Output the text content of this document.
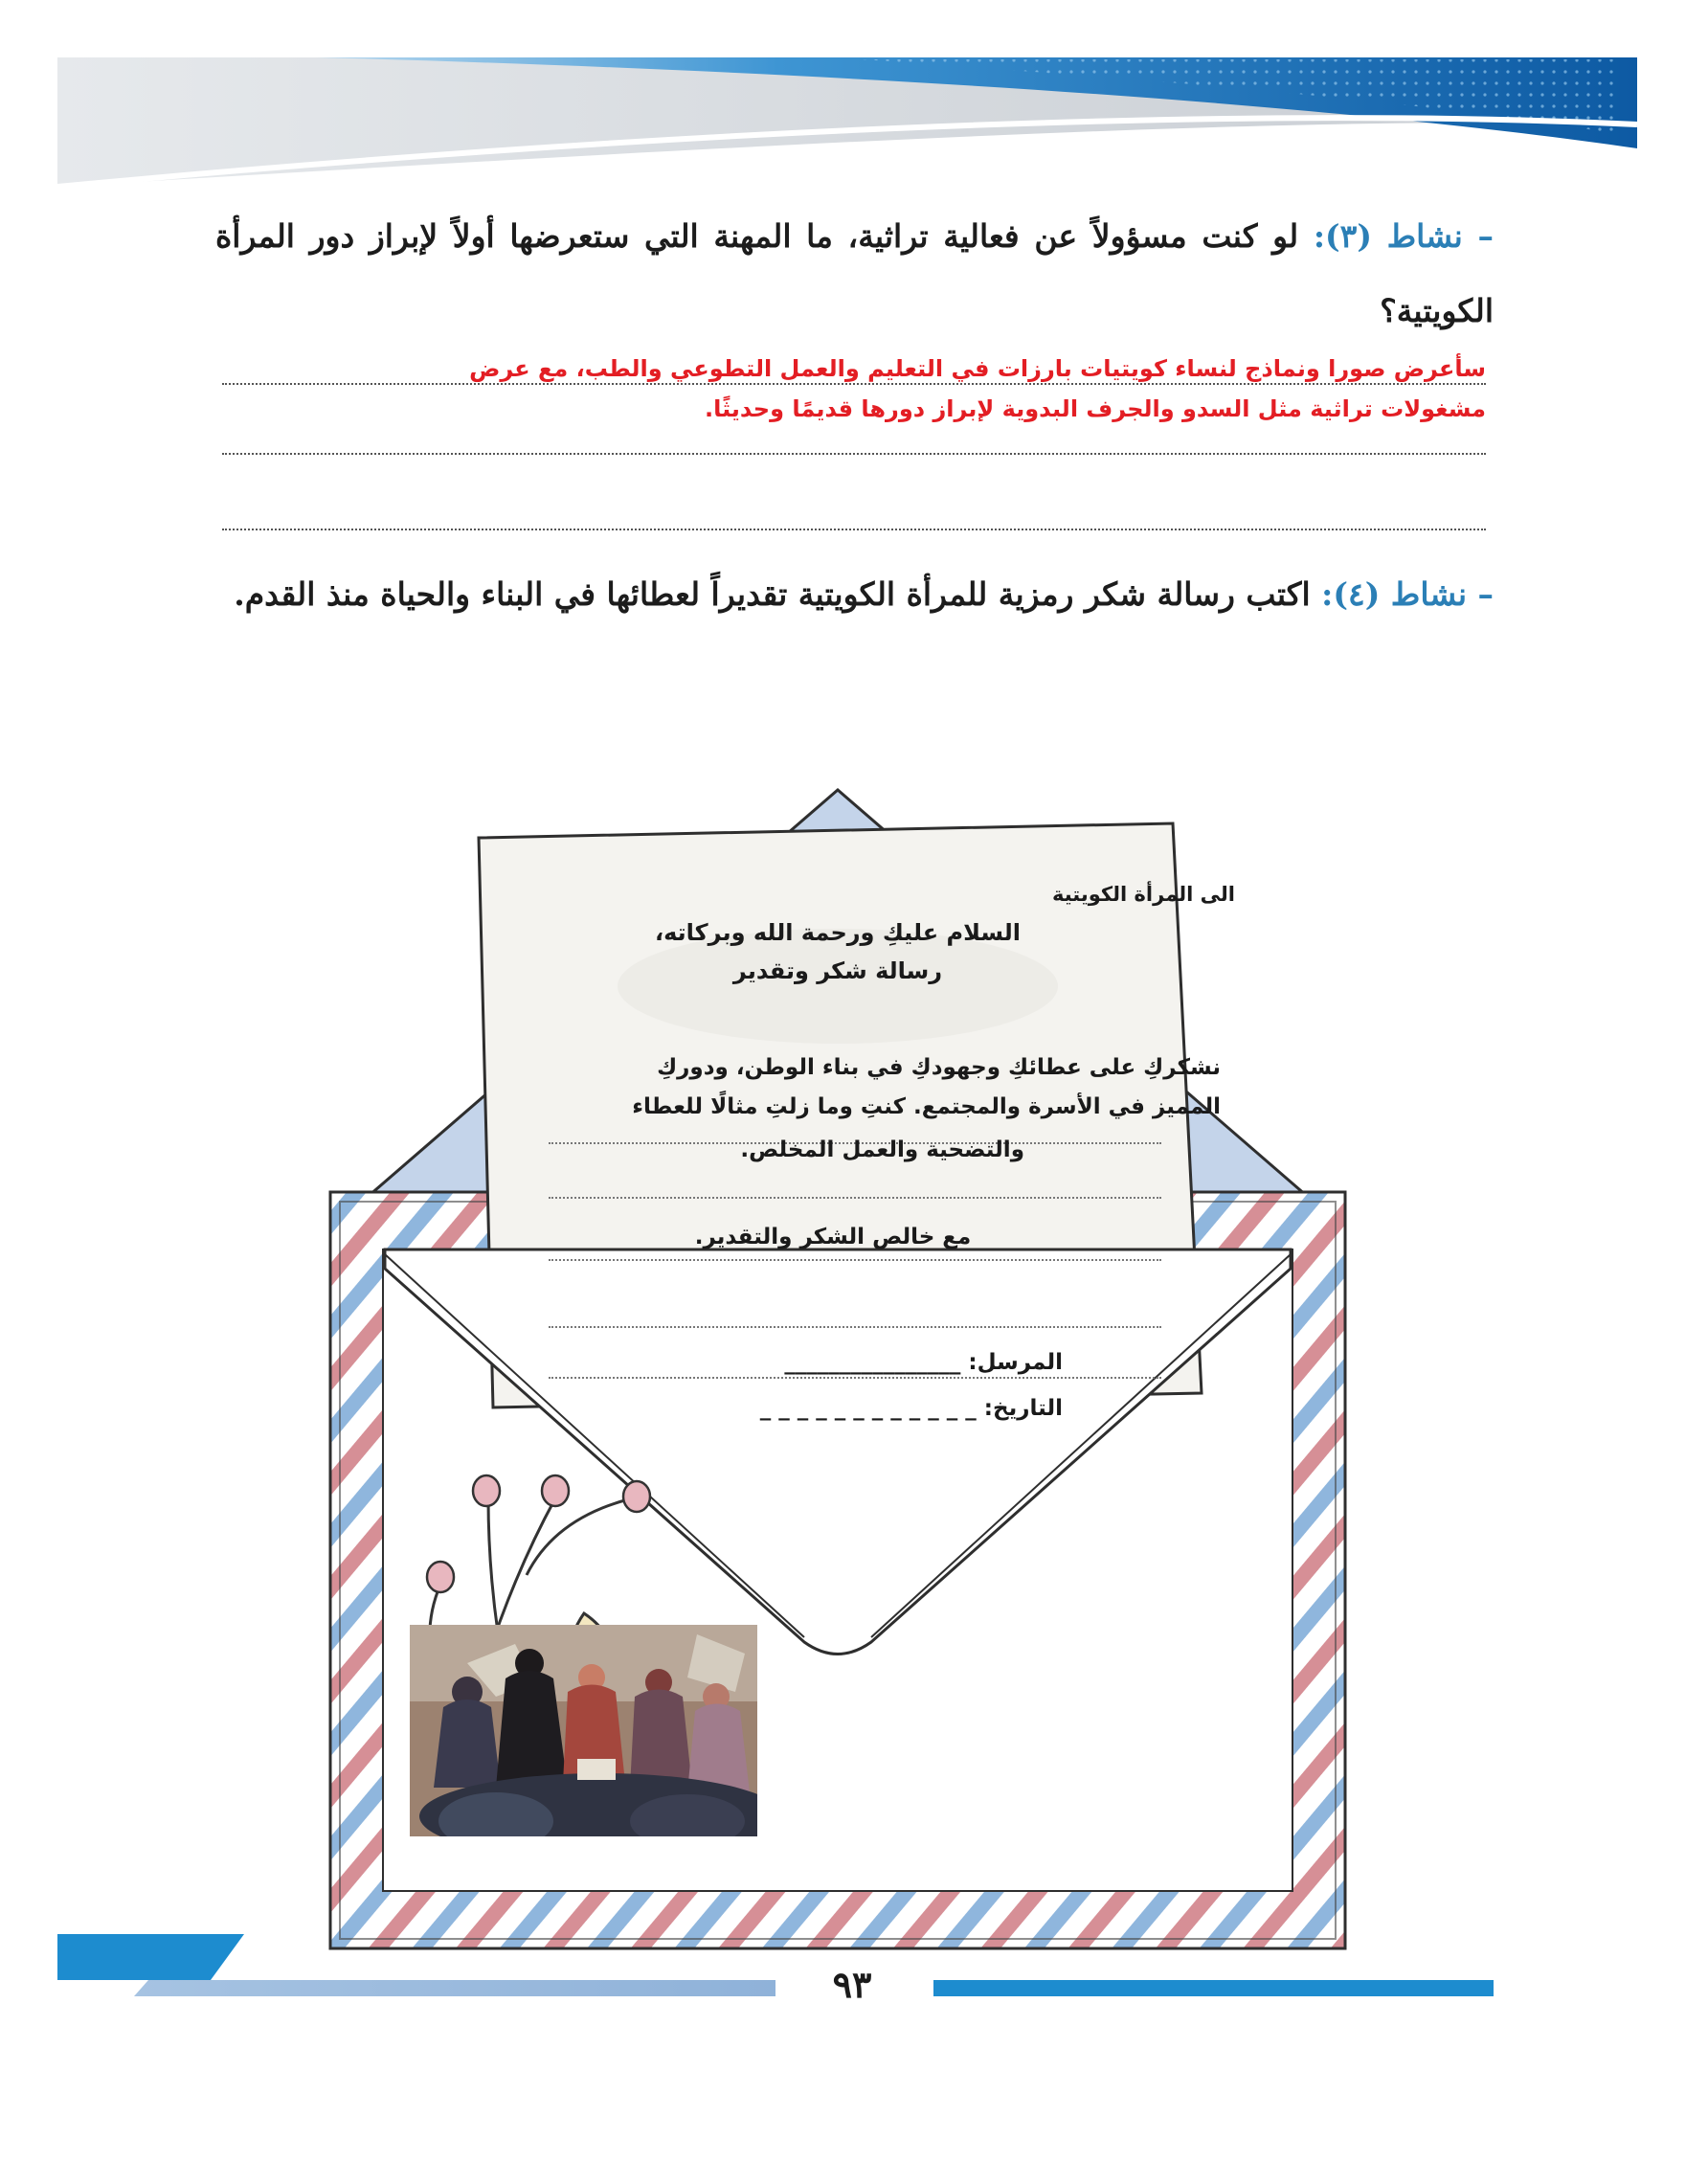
– نشاط (٣): لو كنت مسؤولاً عن فعالية تراثية، ما المهنة التي ستعرضها أولاً لإبراز دور المرأة الكويتية؟
سأعرض صورا ونماذج لنساء كويتيات بارزات في التعليم والعمل التطوعي والطب، مع عرض
مشغولات تراثية مثل السدو والجرف البدوية لإبراز دورها قديمًا وحديثًا.
– نشاط (٤): اكتب رسالة شكر رمزية للمرأة الكويتية تقديراً لعطائها في البناء والحياة منذ القدم.
الى المرأة الكويتية
السلام عليكِ ورحمة الله وبركاته،
رسالة شكر وتقدير
نشكركِ على عطائكِ وجهودكِ في بناء الوطن، ودوركِ
المميز في الأسرة والمجتمع. كنتِ وما زلتِ مثالًا للعطاء
والتضحية والعمل المخلص.
مع خالص الشكر والتقدير.
المرسل: ________________
التاريخ: _ _ _ _ _ _ _ _ _ _ _ _
٩٣
